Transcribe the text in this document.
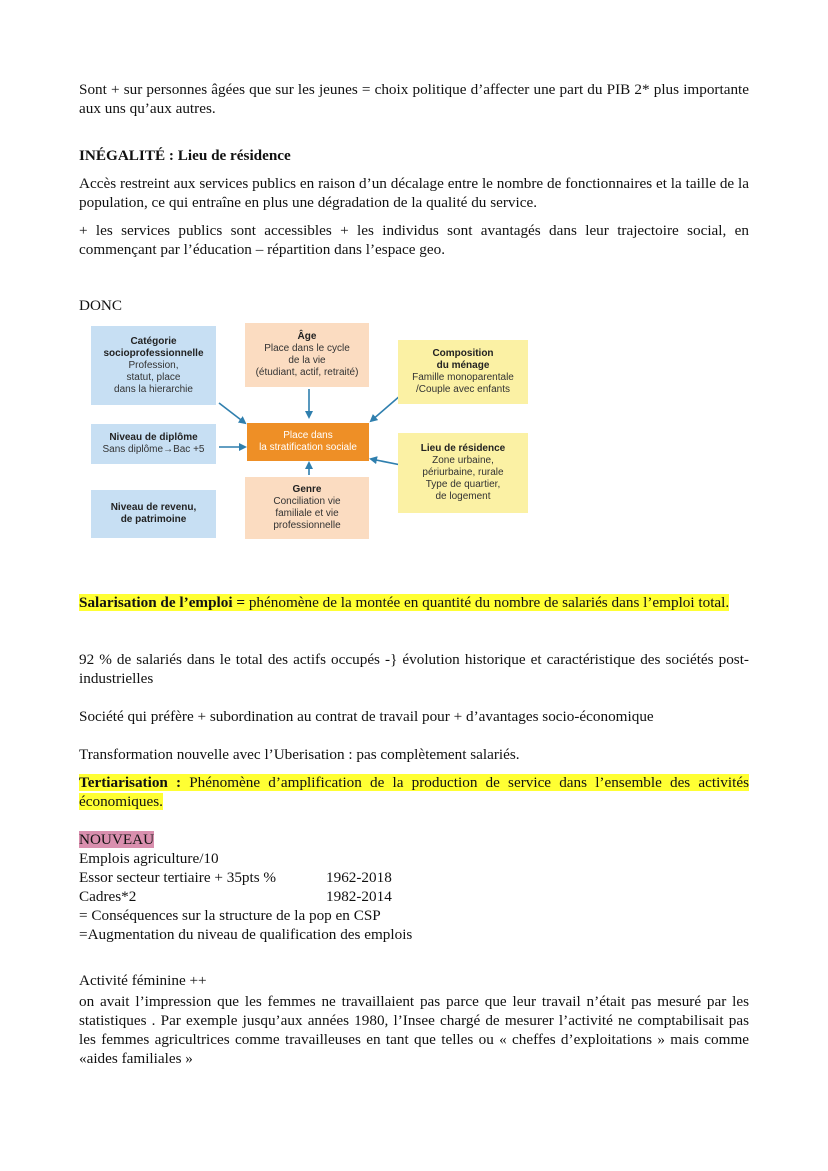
Sont + sur personnes âgées que sur les jeunes = choix politique d’affecter une part du PIB 2* plus importante aux uns qu’aux autres.

INÉGALITÉ : Lieu de résidence

Accès restreint aux services publics en raison d’un décalage entre le nombre de fonctionnaires et la taille de la population, ce qui entraîne en plus une dégradation de la qualité du service.

+ les services publics sont accessibles + les individus sont avantagés dans leur trajectoire social, en commençant par l’éducation – répartition dans l’espace geo.

DONC

Salarisation de l’emploi = phénomène de la montée en quantité du nombre de salariés dans l’emploi total.

92 % de salariés dans le total des actifs occupés -} évolution historique et caractéristique des sociétés post-industrielles

Société qui préfère + subordination au contrat de travail pour + d’avantages socio-économique

Transformation nouvelle avec l’Uberisation : pas complètement salariés.

Tertiarisation : Phénomène d’amplification de la production de service dans l’ensemble des activités économiques.

NOUVEAU
Emplois agriculture/10
Essor secteur tertiaire + 35pts %	1962-2018
Cadres*2	1982-2014
= Conséquences sur la structure de la pop en CSP
=Augmentation du niveau de qualification des emplois
Activité féminine ++

on avait l’impression que les femmes ne travaillaient pas parce que leur travail n’était pas mesuré par les statistiques . Par exemple jusqu’aux années 1980, l’Insee chargé de mesurer l’activité ne comptabilisait pas les femmes agricultrices comme travailleuses en tant que telles ou « cheffes d’exploitations » mais comme «aides familiales »

Catégorie
socioprofessionnelle
Profession,
statut, place
dans la hierarchie
Âge
Place dans le cycle
de la vie
(étudiant, actif, retraité)
Composition
du ménage
Famille monoparentale
/Couple avec enfants
Niveau de diplôme
Sans diplôme→Bac +5
Place dans
la stratification sociale	Lieu de résidence
Zone urbaine,
périurbaine, rurale
Type de quartier,
de logement
Niveau de revenu,
de patrimoine
Genre
Conciliation vie
familiale et vie
professionnelle
